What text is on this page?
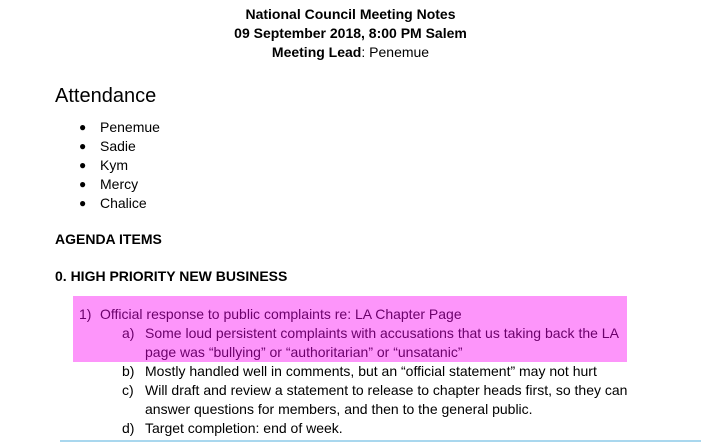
National Council Meeting Notes
09 September 2018, 8:00 PM Salem
Meeting Lead: Penemue
Attendance
● Penemue
● Sadie
● Kym
● Mercy
● Chalice
AGENDA ITEMS
0. HIGH PRIORITY NEW BUSINESS
1) Official response to public complaints re: LA Chapter Page
a) Some loud persistent complaints with accusations that us taking back the LA
page was “bullying” or “authoritarian” or “unsatanic”
b) Mostly handled well in comments, but an “official statement” may not hurt
c) Will draft and review a statement to release to chapter heads first, so they can
answer questions for members, and then to the general public.
d) Target completion: end of week.
